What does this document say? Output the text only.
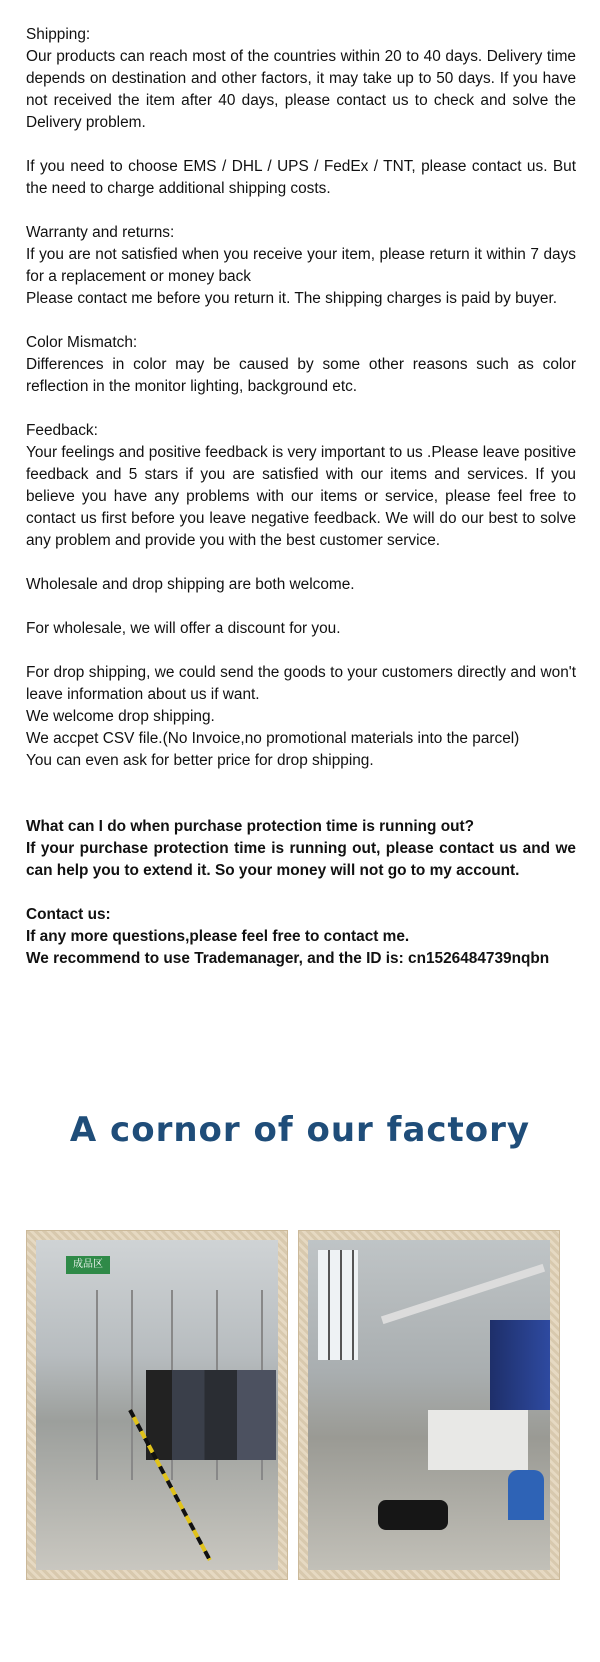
Shipping:
Our products can reach most of the countries within 20 to 40 days. Delivery time depends on destination and other factors, it may take up to 50 days. If you have not received the item after 40 days, please contact us to check and solve the Delivery problem.

If you need to choose EMS / DHL / UPS / FedEx / TNT, please contact us. But the need to charge additional shipping costs.

Warranty and returns:
If you are not satisfied when you receive your item, please return it within 7 days for a replacement or money back
Please contact me before you return it. The shipping charges is paid by buyer.

Color Mismatch:
Differences in color may be caused by some other reasons such as color reflection in the monitor lighting, background etc.

Feedback:
Your feelings and positive feedback is very important to us .Please leave positive feedback and 5 stars if you are satisfied with our items and services. If you believe you have any problems with our items or service, please feel free to contact us first before you leave negative feedback. We will do our best to solve any problem and provide you with the best customer service.

Wholesale and drop shipping are both welcome.

For wholesale, we will offer a discount for you.

For drop shipping, we could send the goods to your customers directly and won't leave information about us if want.
We welcome drop shipping.
We accpet CSV file.(No Invoice,no promotional materials into the parcel)
You can even ask for better price for drop shipping.

What can I do when purchase protection time is running out?
If your purchase protection time is running out, please contact us and we can help you to extend it. So your money will not go to my account.

Contact us:
If any more questions,please feel free to contact me.
We recommend to use Trademanager, and the ID is: cn1526484739nqbn

A cornor of our factory
成品区
